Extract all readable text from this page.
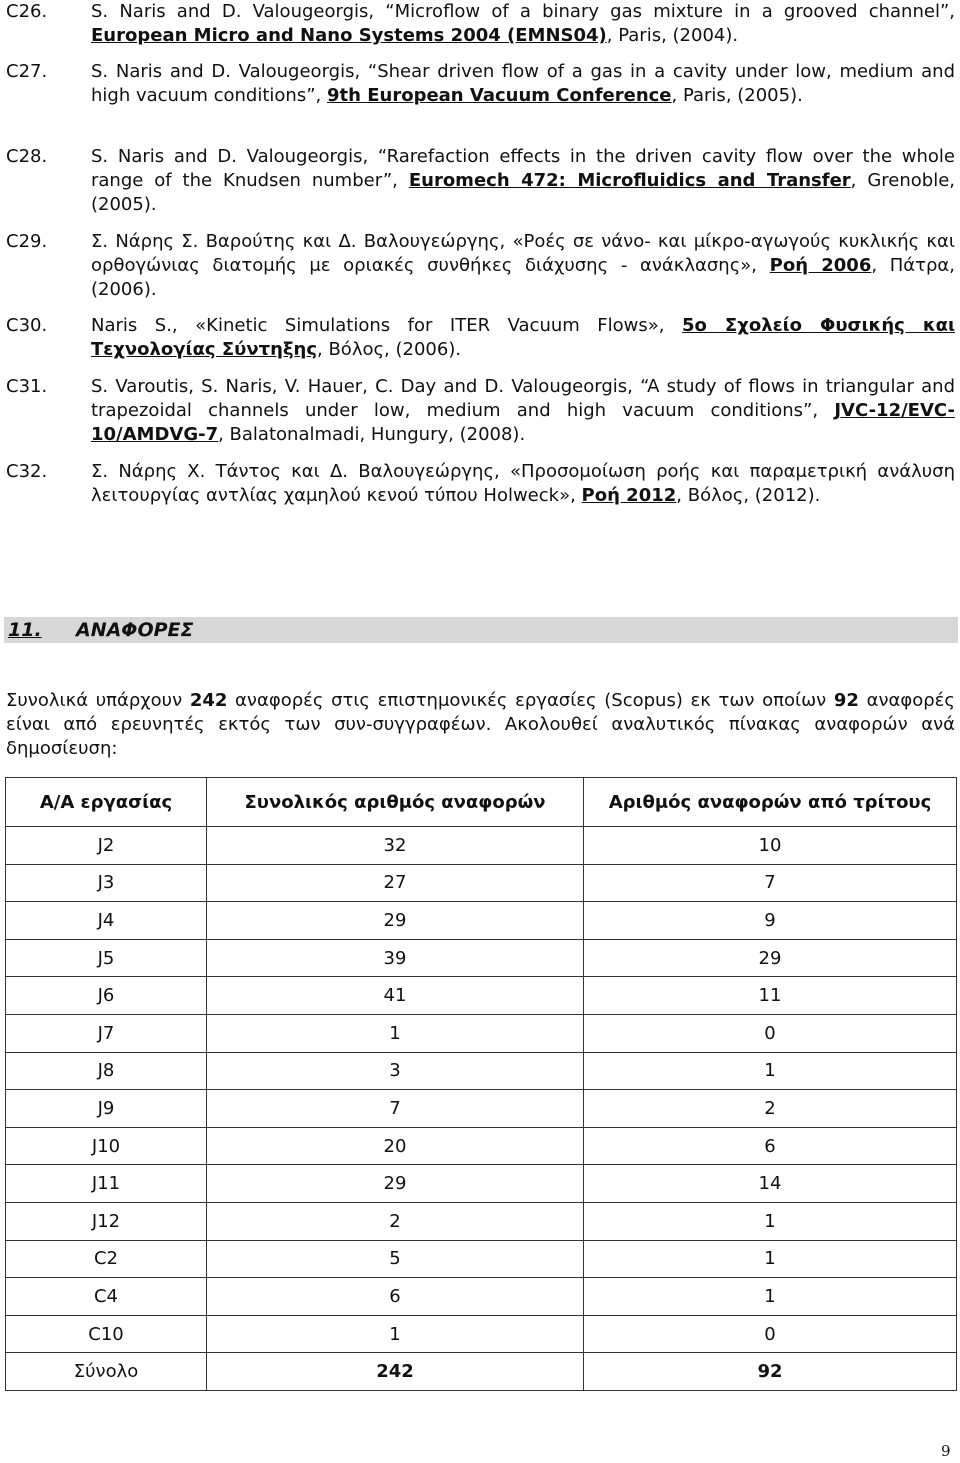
C26. S. Naris and D. Valougeorgis, “Microflow of a binary gas mixture in a grooved channel”, European Micro and Nano Systems 2004 (EMNS04), Paris, (2004).
C27. S. Naris and D. Valougeorgis, “Shear driven flow of a gas in a cavity under low, medium and high vacuum conditions”, 9th European Vacuum Conference, Paris, (2005).
C28. S. Naris and D. Valougeorgis, “Rarefaction effects in the driven cavity flow over the whole range of the Knudsen number”, Euromech 472: Microfluidics and Transfer, Grenoble, (2005).
C29. Σ. Νάρης Σ. Βαρούτης και Δ. Βαλουγεώργης, «Ροές σε νάνο- και μίκρο-αγωγούς κυκλικής και ορθογώνιας διατομής με οριακές συνθήκες διάχυσης - ανάκλασης», Ροή 2006, Πάτρα, (2006).
C30. Naris S., «Kinetic Simulations for ITER Vacuum Flows», 5o Σχολείο Φυσικής και Τεχνολογίας Σύντηξης, Βόλος, (2006).
C31. S. Varoutis, S. Naris, V. Hauer, C. Day and D. Valougeorgis, “A study of flows in triangular and trapezoidal channels under low, medium and high vacuum conditions”, JVC-12/EVC-10/AMDVG-7, Balatonalmadi, Hungury, (2008).
C32. Σ. Νάρης Χ. Τάντος και Δ. Βαλουγεώργης, «Προσομοίωση ροής και παραμετρική ανάλυση λειτουργίας αντλίας χαμηλού κενού τύπου Holweck», Ροή 2012, Βόλος, (2012).
11. ΑΝΑΦΟΡΕΣ

Συνολικά υπάρχουν 242 αναφορές στις επιστημονικές εργασίες (Scopus) εκ των οποίων 92 αναφορές είναι από ερευνητές εκτός των συν-συγγραφέων. Ακολουθεί αναλυτικός πίνακας αναφορών ανά δημοσίευση:

Α/Α εργασίας	Συνολικός αριθμός αναφορών	Αριθμός αναφορών από τρίτους
J2	32	10
J3	27	7
J4	29	9
J5	39	29
J6	41	11
J7	1	0
J8	3	1
J9	7	2
J10	20	6
J11	29	14
J12	2	1
C2	5	1
C4	6	1
C10	1	0
Σύνολο	242	92
9
